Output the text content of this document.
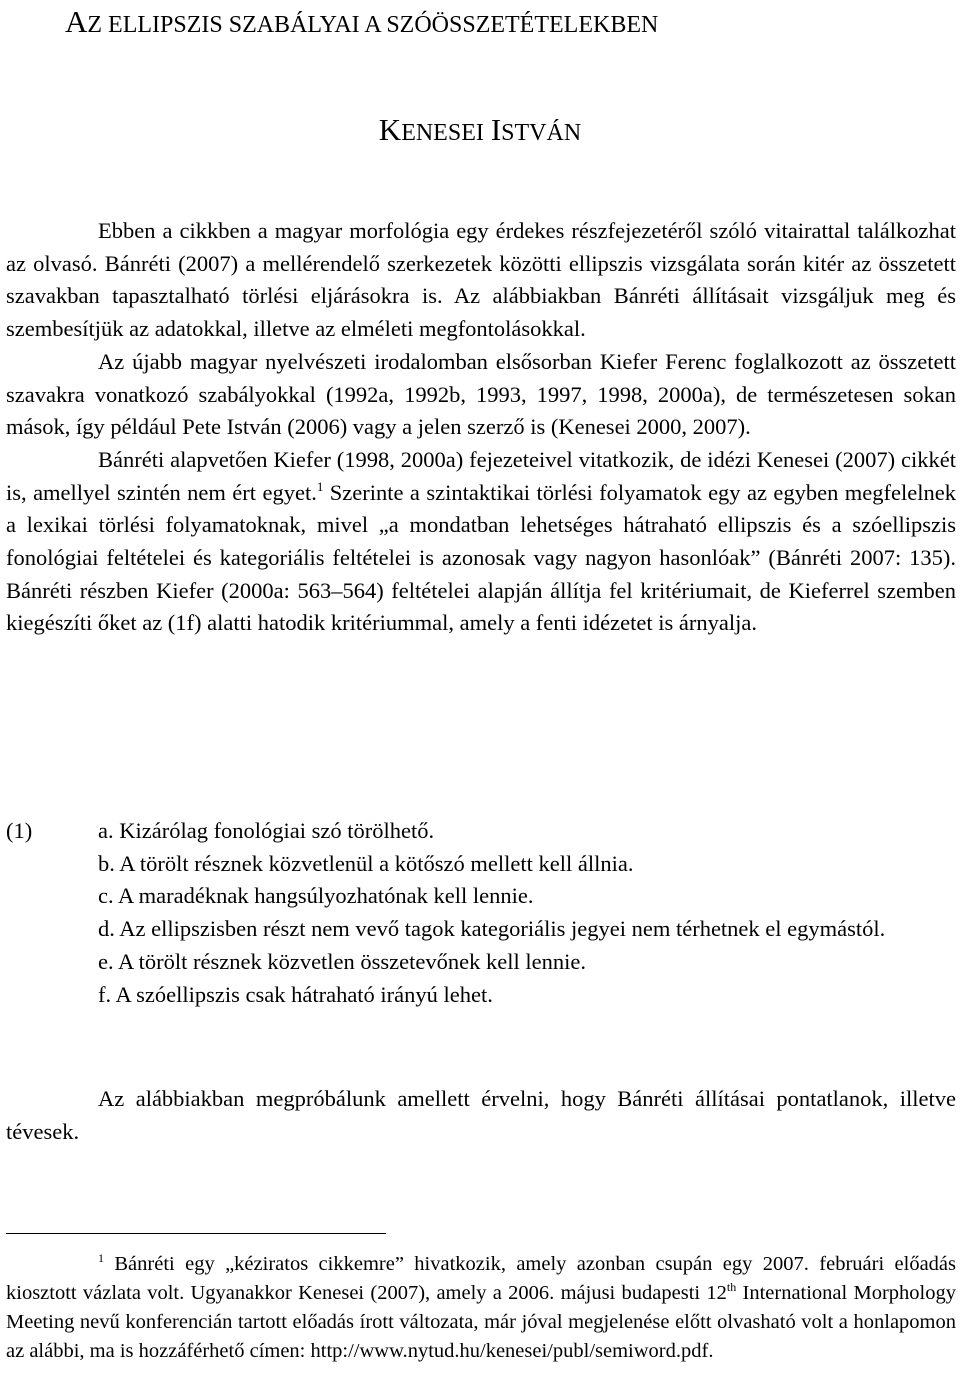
AZ ELLIPSZIS SZABÁLYAI A SZÓÖSSZETÉTELEKBEN
KENESEI ISTVÁN

Ebben a cikkben a magyar morfológia egy érdekes részfejezetéről szóló vitairattal találkozhat az olvasó. Bánréti (2007) a mellérendelő szerkezetek közötti ellipszis vizsgálata során kitér az összetett szavakban tapasztalható törlési eljárásokra is. Az alábbiakban Bánréti állításait vizsgáljuk meg és szembesítjük az adatokkal, illetve az elméleti megfontolásokkal.

Az újabb magyar nyelvészeti irodalomban elsősorban Kiefer Ferenc foglalkozott az összetett szavakra vonatkozó szabályokkal (1992a, 1992b, 1993, 1997, 1998, 2000a), de természetesen sokan mások, így például Pete István (2006) vagy a jelen szerző is (Kenesei 2000, 2007).

Bánréti alapvetően Kiefer (1998, 2000a) fejezeteivel vitatkozik, de idézi Kenesei (2007) cikkét is, amellyel szintén nem ért egyet.$^1$ Szerinte a szintaktikai törlési folyamatok egy az egyben megfelelnek a lexikai törlési folyamatoknak, mivel „a mondatban lehetséges hátraható ellipszis és a szóellipszis fonológiai feltételei és kategoriális feltételei is azonosak vagy nagyon hasonlóak” (Bánréti 2007: 135). Bánréti részben Kiefer (2000a: 563–564) feltételei alapján állítja fel kritériumait, de Kieferrel szemben kiegészíti őket az (1f) alatti hatodik kritériummal, amely a fenti idézetet is árnyalja.

(1)	a. Kizárólag fonológiai szó törölhető.
b. A törölt résznek közvetlenül a kötőszó mellett kell állnia.
c. A maradéknak hangsúlyozhatónak kell lennie.
d. Az ellipszisben részt nem vevő tagok kategoriális jegyei nem térhetnek el egymástól.
e. A törölt résznek közvetlen összetevőnek kell lennie.
f. A szóellipszis csak hátraható irányú lehet.

Az alábbiakban megpróbálunk amellett érvelni, hogy Bánréti állításai pontatlanok, illetve tévesek.

$^1$ Bánréti egy „kéziratos cikkemre” hivatkozik, amely azonban csupán egy 2007. februári előadás kiosztott vázlata volt. Ugyanakkor Kenesei (2007), amely a 2006. májusi budapesti 12th International Morphology Meeting nevű konferencián tartott előadás írott változata, már jóval megjelenése előtt olvasható volt a honlapomon az alábbi, ma is hozzáférhető címen: http://www.nytud.hu/kenesei/publ/semiword.pdf.
